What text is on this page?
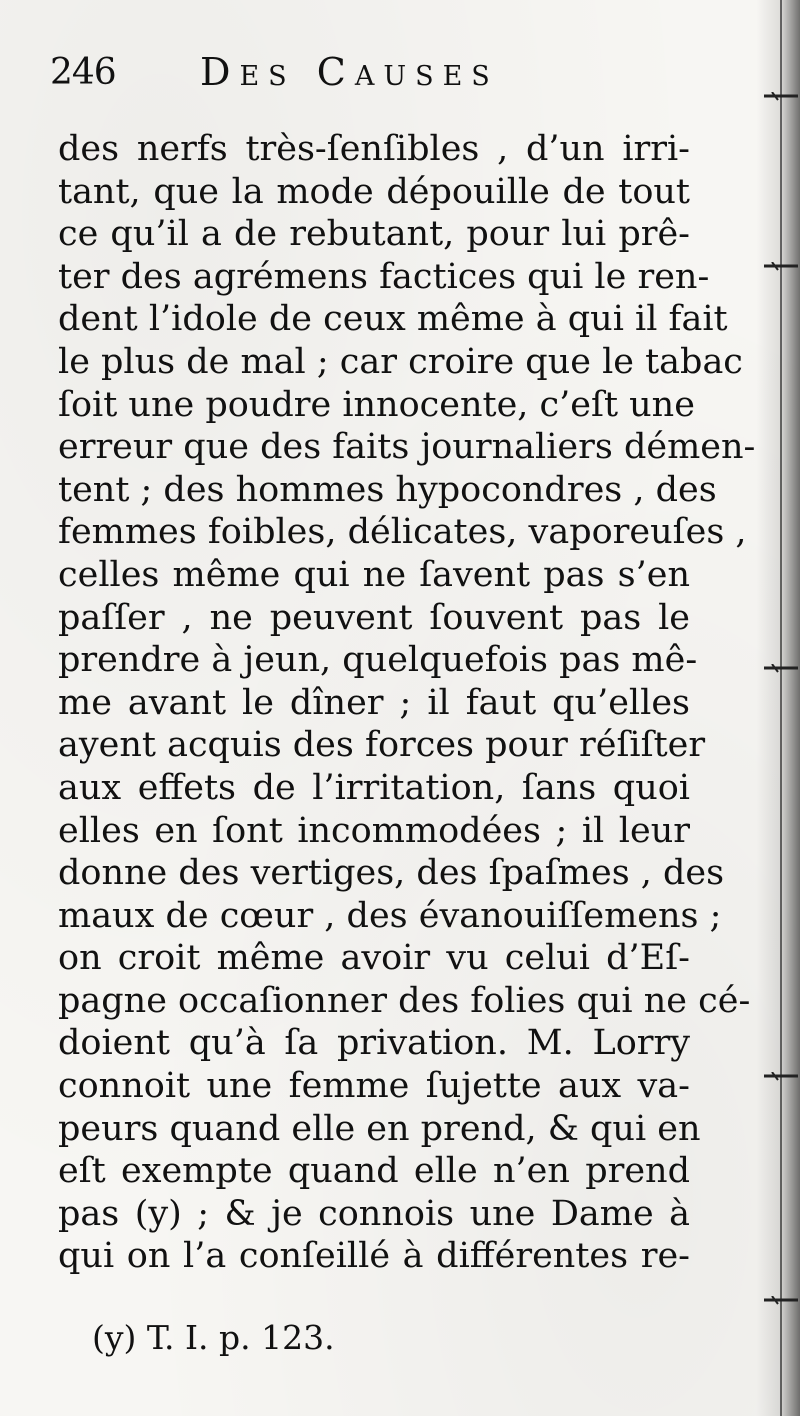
246 Des Causes
des nerfs très-ſenſibles , d’un irri-
tant, que la mode dépouille de tout
ce qu’il a de rebutant, pour lui prê-
ter des agrémens factices qui le ren-
dent l’idole de ceux même à qui il fait
le plus de mal ; car croire que le tabac
ſoit une poudre innocente, c’eſt une
erreur que des faits journaliers démen-
tent ; des hommes hypocondres , des
femmes foibles, délicates, vaporeuſes ,
celles même qui ne ſavent pas s’en
paſſer , ne peuvent ſouvent pas le
prendre à jeun, quelquefois pas mê-
me avant le dîner ; il faut qu’elles
ayent acquis des forces pour réſiſter
aux effets de l’irritation, ſans quoi
elles en ſont incommodées ; il leur
donne des vertiges, des ſpaſmes , des
maux de cœur , des évanouiſſemens ;
on croit même avoir vu celui d’Eſ-
pagne occaſionner des folies qui ne cé-
doient qu’à ſa privation. M. Lorry
connoit une femme ſujette aux va-
peurs quand elle en prend, & qui en
eſt exempte quand elle n’en prend
pas (y) ; & je connois une Dame à
qui on l’a conſeillé à différentes re-
(y) T. I. p. 123.
